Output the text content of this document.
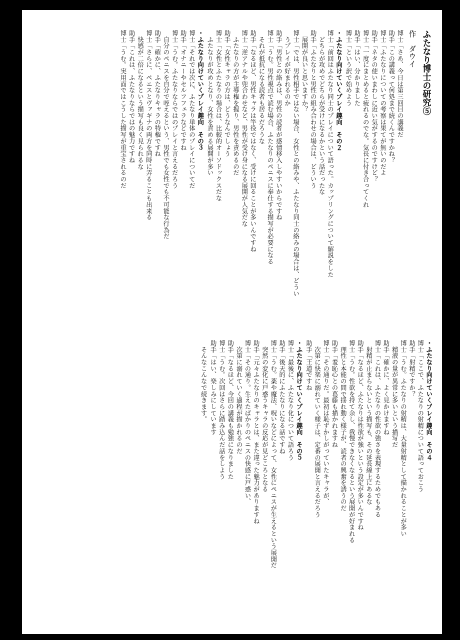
ふたなり博士の研究⑤
作　ダウイ
博士「さあ、今日は第三回目の講義だ
助手「この講義って何処まで続くんですかね？
博士「ふたなりについての考察は果てが無いのだよ
助手「ネタの使いまわしに近い気がするのですけど？
博士「一度にまとめると疲れるのでな。気長に付き合ってくれ
助手「はい、分かりました
博士「という訳で始めよう
・ふたなり向けていくプレイ趣向　その２
博士「前回はふたなり同士のプレイについて語った。カップリングについて解説をした
　どちらが攻めでどちらが受けになるかという話だったな
助手「ふたなりと男性の組み合わせの場合は、どういう
　展開が良いと思いますか？
博士「では、男性相手ではない場合、女性との絡みや、ふたなり同士の絡みの場合は、どうい
　うプレイが好まれるのか
助手「男性との絡みは、男性の読者が感情移入しやすいからですね
博士「うむ。男性視点で読む場合、ふたなりのペニスに奉仕する描写が必要になる
　それが抵抗になる読者も居るだろうな
助手「なるほど、男性キャラは竿役ではなく、受けに回ることが多いんですね
博士「逆アナルや兜合わせなど、男性が受け身になる展開が人気だな
　ふたなりの方が主導権を握り、男性を責めるのだ
助手「女性キャラの方は、どうなんでしょう
博士「女性とふたなりの場合は、比較的オーソドックスだな
　ふたなりが攻めとなり、女性を責める展開が多い
・ふたなり向けていくプレイ趣向　その３
博士「それでは次に、ふたなり単体のプレイについてだ
助手「オナニーやセルフフェラなどですね
博士「うむ。ふたなりならではのプレイと言えるだろう
　自分のペニスを自分で咥えるという、男性でも女性でも不可能な行為だ
助手「確かに、ふたなりキャラの特権ですね
博士「さらに、ペニスとヴァギナの両方を同時に弄ることも出来る
　快感が二倍になるという描写も良く見られるな
助手「これは、ふたなりならではの魅力ですね
博士「うむ。実用面ではこうした描写が重宝されるのだ
・ふたなり向けていくプレイ趣向　その４
博士「ここで、ふたなりの射精について語っておこう
助手「射精ですか？
博士「うむ。ふたなりの射精は、大量射精として描かれることが多い
　精液の量が異常に多いという描写だ
助手「確かに、よく見かけますね
博士「これは、ふたなりの性欲の強さを表現するためでもある
　射精が止まらないという描写も、その延長線上にあるな
助手「なるほど、ふたなりは性欲が強いという設定が多いんですね
博士「うむ。性欲を持て余し、我慢できなくなるという展開が好まれる
　理性と本能の間で揺れ動く様子が、読者の興奮を誘うのだ
助手「羞恥心との葛藤も描かれますね
博士「その通りだ。最初は恥ずかしがっていたキャラが、
　次第に快楽に溺れていく様子は、定番の展開と言えるだろう
助手「王道ですね
・ふたなり向けていくプレイ趣向　その５
博士「最後に、ふたなり化について語ろう
助手「後天的にふたなりになる話ですね
博士「うむ。薬や魔法、呪いなどによって、女性にペニスが生えるという展開だ
　突然の変化に戸惑うキャラの反応が見どころとなる
助手「元々ふたなりのキャラとは、また違った魅力がありますね
博士「その通り。生えたばかりのペニスの快感に戸惑い、
　次第に溺れていく過程が描かれるのだ
助手「なるほど、今回の講義も勉強になりました
博士「うむ。次回はさらに踏み込んだ話をしよう
助手「はい、楽しみにしています
　そんなこんなで続きます。
